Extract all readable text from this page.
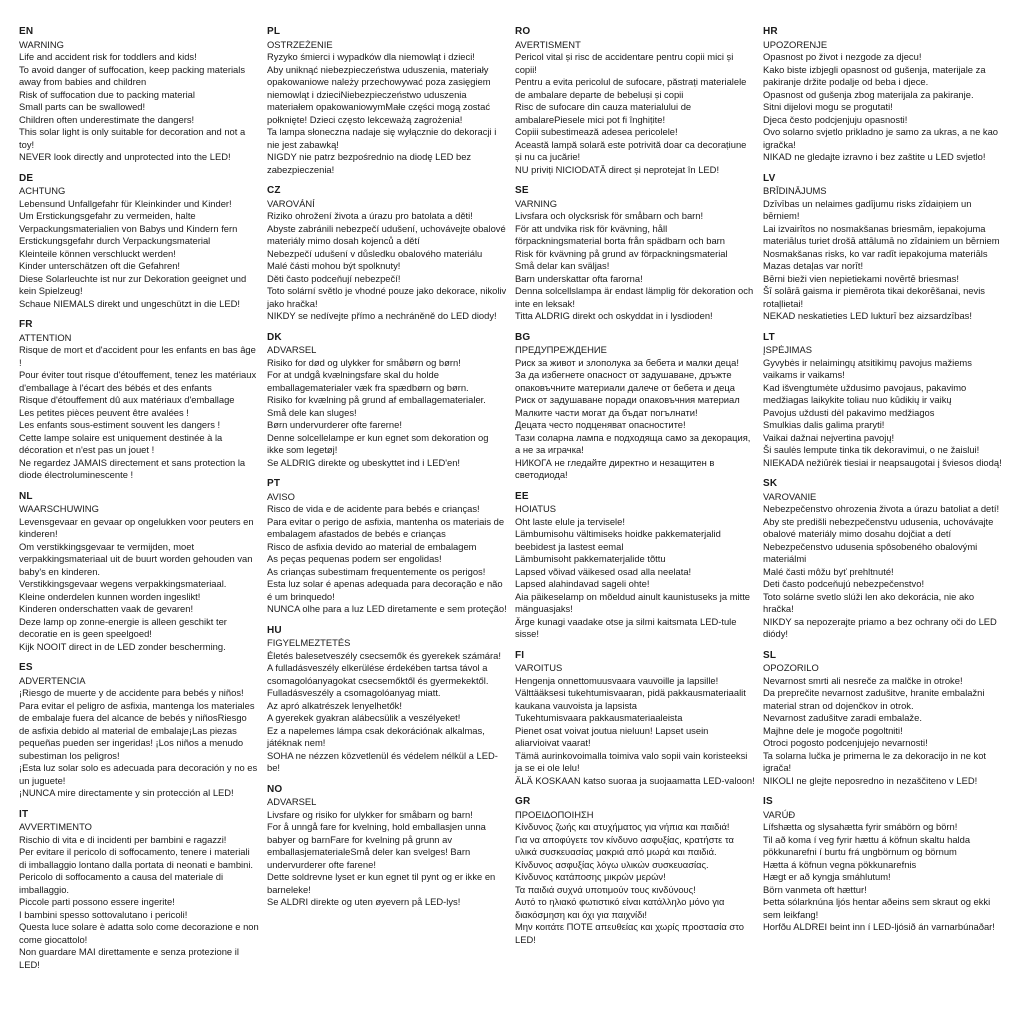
EN
WARNING
Life and accident risk for toddlers and kids!
To avoid danger of suffocation, keep packing materials away from babies and children
Risk of suffocation due to packing material
Small parts can be swallowed!
Children often underestimate the dangers!
This solar light is only suitable for decoration and not a toy!
NEVER look directly and unprotected into the LED!
DE
ACHTUNG
Lebensund Unfallgefahr für Kleinkinder und Kinder!
Um Erstickungsgefahr zu vermeiden, halte Verpackungsmaterialien von Babys und Kindern fern
Erstickungsgefahr durch Verpackungsmaterial
Kleinteile können verschluckt werden!
Kinder unterschätzen oft die Gefahren!
Diese Solarleuchte ist nur zur Dekoration geeignet und kein Spielzeug!
Schaue NIEMALS direkt und ungeschützt in die LED!
FR
ATTENTION
Risque de mort et d'accident pour les enfants en bas âge !
Pour éviter tout risque d'étouffement, tenez les matériaux d'emballage à l'écart des bébés et des enfants
Risque d'étouffement dû aux matériaux d'emballage
Les petites pièces peuvent être avalées !
Les enfants sous-estiment souvent les dangers !
Cette lampe solaire est uniquement destinée à la décoration et n'est pas un jouet !
Ne regardez JAMAIS directement et sans protection la diode électroluminescente !
NL
WAARSCHUWING
Levensgevaar en gevaar op ongelukken voor peuters en kinderen!
Om verstikkingsgevaar te vermijden, moet verpakkingsmateriaal uit de buurt worden gehouden van baby's en kinderen.
Verstikkingsgevaar wegens verpakkingsmateriaal.
Kleine onderdelen kunnen worden ingeslikt!
Kinderen onderschatten vaak de gevaren!
Deze lamp op zonne-energie is alleen geschikt ter decoratie en is geen speelgoed!
Kijk NOOIT direct in de LED zonder bescherming.
ES
ADVERTENCIA
¡Riesgo de muerte y de accidente para bebés y niños!
Para evitar el peligro de asfixia, mantenga los materiales de embalaje fuera del alcance de bebés y niñosRiesgo de asfixia debido al material de embalaje¡Las piezas pequeñas pueden ser ingeridas! ¡Los niños a menudo subestiman los peligros!
¡Esta luz solar solo es adecuada para decoración y no es un juguete!
¡NUNCA mire directamente y sin protección al LED!
IT
AVVERTIMENTO
Rischio di vita e di incidenti per bambini e ragazzi!
Per evitare il pericolo di soffocamento, tenere i materiali di imballaggio lontano dalla portata di neonati e bambini.
Pericolo di soffocamento a causa del materiale di imballaggio.
Piccole parti possono essere ingerite!
I bambini spesso sottovalutano i pericoli!
Questa luce solare è adatta solo come decorazione e non come giocattolo!
Non guardare MAI direttamente e senza protezione il LED!
PL
OSTRZEŻENIE
Ryzyko śmierci i wypadków dla niemowląt i dzieci!
Aby uniknąć niebezpieczeństwa uduszenia, materiały opakowaniowe należy przechowywać poza zasięgiem niemowląt i dzieciNiebezpieczeństwo uduszenia materiałem opakowaniowymMałe części mogą zostać połknięte! Dzieci często lekceważą zagrożenia!
Ta lampa słoneczna nadaje się wyłącznie do dekoracji i nie jest zabawką!
NIGDY nie patrz bezpośrednio na diodę LED bez zabezpieczenia!
CZ
VAROVÁNÍ
Riziko ohrožení života a úrazu pro batolata a děti!
Abyste zabránili nebezpečí udušení, uchovávejte obalové materiály mimo dosah kojenců a dětí
Nebezpečí udušení v důsledku obalového materiálu
Malé části mohou být spolknuty!
Děti často podceňují nebezpečí!
Toto solární světlo je vhodné pouze jako dekorace, nikoliv jako hračka!
NIKDY se nedívejte přímo a nechráněně do LED diody!
DK
ADVARSEL
Risiko for død og ulykker for småbørn og børn!
For at undgå kvælningsfare skal du holde emballagematerialer væk fra spædbørn og børn.
Risiko for kvælning på grund af emballagematerialer.
Små dele kan sluges!
Børn undervurderer ofte farerne!
Denne solcellelampe er kun egnet som dekoration og ikke som legetøj!
Se ALDRIG direkte og ubeskyttet ind i LED'en!
PT
AVISO
Risco de vida e de acidente para bebés e crianças!
Para evitar o perigo de asfixia, mantenha os materiais de embalagem afastados de bebés e crianças
Risco de asfixia devido ao material de embalagem
As peças pequenas podem ser engolidas!
As crianças subestimam frequentemente os perigos!
Esta luz solar é apenas adequada para decoração e não é um brinquedo!
NUNCA olhe para a luz LED diretamente e sem proteção!
HU
FIGYELMEZTETÉS
Életés balesetveszély csecsemők és gyerekek számára!
A fulladásveszély elkerülése érdekében tartsa távol a csomagolóanyagokat csecsemőktől és gyermekektől.
Fulladásveszély a csomagolóanyag miatt.
Az apró alkatrészek lenyelhetők!
A gyerekek gyakran alábecsülik a veszélyeket!
Ez a napelemes lámpa csak dekorációnak alkalmas, játéknak nem!
SOHA ne nézzen közvetlenül és védelem nélkül a LED-be!
NO
ADVARSEL
Livsfare og risiko for ulykker for småbarn og barn!
For å unngå fare for kvelning, hold emballasjen unna babyer og barnFare for kvelning på grunn av emballasjematerialeSmå deler kan svelges! Barn undervurderer ofte farene!
Dette soldrevne lyset er kun egnet til pynt og er ikke en barneleke!
Se ALDRI direkte og uten øyevern på LED-lys!
RO
AVERTISMENT
Pericol vital și risc de accidentare pentru copii mici și copii!
Pentru a evita pericolul de sufocare, păstrați materialele de ambalare departe de bebeluși și copii
Risc de sufocare din cauza materialului de ambalarePiesele mici pot fi înghițite!
Copiii subestimează adesea pericolele!
Această lampă solară este potrivită doar ca decorațiune și nu ca jucărie!
NU priviți NICIODATĂ direct și neprotejat în LED!
SE
VARNING
Livsfara och olycksrisk för småbarn och barn!
För att undvika risk för kvävning, håll förpackningsmaterial borta från spädbarn och barn
Risk för kvävning på grund av förpackningsmaterial
Små delar kan sväljas!
Barn underskattar ofta farorna!
Denna solcellslampa är endast lämplig för dekoration och inte en leksak!
Titta ALDRIG direkt och oskyddat in i lysdioden!
BG
ПРЕДУПРЕЖДЕНИЕ
Риск за живот и злополука за бебета и малки деца!
За да избегнете опасност от задушаване, дръжте опаковъчните материали далече от бебета и деца
Риск от задушаване поради опаковъчния материал
Малките части могат да бъдат погълнати!
Децата често подценяват опасностите!
Тази соларна лампа е подходяща само за декорация, а не за играчка!
НИКОГА не гледайте директно и незащитен в светодиода!
EE
HOIATUS
Oht laste elule ja tervisele!
Lämbumisohu vältimiseks hoidke pakkematerjalid beebidest ja lastest eemal
Lämbumisoht pakkematerjalide tõttu
Lapsed võivad väikesed osad alla neelata!
Lapsed alahindavad sageli ohte!
Aia päikeselamp on mõeldud ainult kaunistuseks ja mitte mänguasjaks!
Ärge kunagi vaadake otse ja silmi kaitsmata LED-tule sisse!
FI
VAROITUS
Hengenja onnettomuusvaara vauvoille ja lapsille!
Välttääksesi tukehtumisvaaran, pidä pakkausmateriaalit kaukana vauvoista ja lapsista
Tukehtumisvaara pakkausmateriaaleista
Pienet osat voivat joutua nieluun! Lapset usein aliarvioivat vaarat!
Tämä aurinkovoimalla toimiva valo sopii vain koristeeksi ja se ei ole lelu!
ÄLÄ KOSKAAN katso suoraa ja suojaamatta LED-valoon!
GR
ΠΡΟΕΙΔΟΠΟΙΗΣΗ
Κίνδυνος ζωής και ατυχήματος για νήπια και παιδιά!
Για να αποφύγετε τον κίνδυνο ασφυξίας, κρατήστε τα υλικά συσκευασίας μακριά από μωρά και παιδιά.
Κίνδυνος ασφυξίας λόγω υλικών συσκευασίας.
Κίνδυνος κατάποσης μικρών μερών!
Τα παιδιά συχνά υποτιμούν τους κινδύνους!
Αυτό το ηλιακό φωτιστικό είναι κατάλληλο μόνο για διακόσμηση και όχι για παιχνίδι!
Μην κοιτάτε ΠΟΤΕ απευθείας και χωρίς προστασία στο LED!
HR
UPOZORENJE
Opasnost po život i nezgode za djecu!
Kako biste izbjegli opasnost od gušenja, materijale za pakiranje držite podalje od beba i djece.
Opasnost od gušenja zbog materijala za pakiranje.
Sitni dijelovi mogu se progutati!
Djeca često podcjenjuju opasnosti!
Ovo solarno svjetlo prikladno je samo za ukras, a ne kao igračka!
NIKAD ne gledajte izravno i bez zaštite u LED svjetlo!
LV
BRĪDINĀJUMS
Dzīvības un nelaimes gadījumu risks zīdaiņiem un bērniem!
Lai izvairītos no nosmakšanas briesmām, iepakojuma materiālus turiet drošā attālumā no zīdainiem un bērniem
Nosmakšanas risks, ko var radīt iepakojuma materiāls
Mazas detaļas var norīt!
Bērni bieži vien nepietiekami novērtē briesmas!
Šī solārā gaisma ir piemērota tikai dekorēšanai, nevis rotaļlietai!
NEKAD neskatieties LED lukturī bez aizsardzības!
LT
ĮSPĖJIMAS
Gyvybės ir nelaimingų atsitikimų pavojus mažiems vaikams ir vaikams!
Kad išvengtumėte uždusimo pavojaus, pakavimo medžiagas laikykite toliau nuo kūdikių ir vaikų
Pavojus uždusti dėl pakavimo medžiagos
Smulkias dalis galima praryti!
Vaikai dažnai nejvertina pavojų!
Ši saulės lempute tinka tik dekoravimui, o ne žaislui!
NIEKADA nežiūrėk tiesiai ir neapsaugotai į šviesos diodą!
SK
VAROVANIE
Nebezpečenstvo ohrozenia života a úrazu batoliat a detí!
Aby ste predišli nebezpečenstvu udusenia, uchovávajte obalové materiály mimo dosahu dojčiat a detí
Nebezpečenstvo udusenia spôsobeného obalovými materiálmi
Malé časti môžu byť prehltnuté!
Deti často podceňujú nebezpečenstvo!
Toto solárne svetlo slúži len ako dekorácia, nie ako hračka!
NIKDY sa nepozerajte priamo a bez ochrany oči do LED diódy!
SL
OPOZORILO
Nevarnost smrti ali nesreče za malčke in otroke!
Da preprečite nevarnost zadušitve, hranite embalažni material stran od dojenčkov in otrok.
Nevarnost zadušitve zaradi embalaže.
Majhne dele je mogoče pogoltniti!
Otroci pogosto podcenjujejo nevarnosti!
Ta solarna lučka je primerna le za dekoracijo in ne kot igrača!
NIKOLI ne glejte neposredno in nezaščiteno v LED!
IS
VARÚÐ
Lífshætta og slysahætta fyrir smábörn og börn!
Til að koma í veg fyrir hættu á köfnun skaltu halda pökkunarefni í burtu frá ungbörnum og börnum
Hætta á köfnun vegna pökkunarefnis
Hægt er að kyngja smáhlutum!
Börn vanmeta oft hættur!
Þetta sólarknúna ljós hentar aðeins sem skraut og ekki sem leikfang!
Horfðu ALDREI beint inn í LED-ljósið án varnarbúnaðar!
